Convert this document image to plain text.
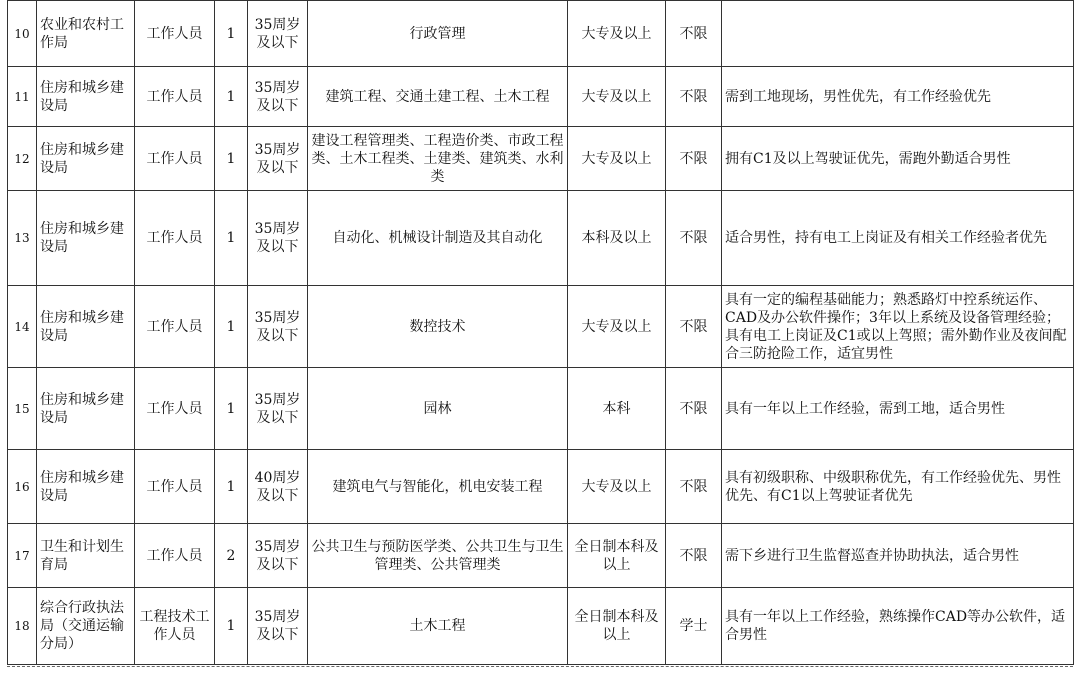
10	农业和农村工作局	工作人员	1	35周岁及以下	行政管理	大专及以上	不限	
11	住房和城乡建设局	工作人员	1	35周岁及以下	建筑工程、交通土建工程、土木工程	大专及以上	不限	需到工地现场，男性优先，有工作经验优先
12	住房和城乡建设局	工作人员	1	35周岁及以下	建设工程管理类、工程造价类、市政工程类、土木工程类、土建类、建筑类、水利类	大专及以上	不限	拥有C1及以上驾驶证优先，需跑外勤适合男性
13	住房和城乡建设局	工作人员	1	35周岁及以下	自动化、机械设计制造及其自动化	本科及以上	不限	适合男性，持有电工上岗证及有相关工作经验者优先
14	住房和城乡建设局	工作人员	1	35周岁及以下	数控技术	大专及以上	不限	具有一定的编程基础能力；熟悉路灯中控系统运作、CAD及办公软件操作；3年以上系统及设备管理经验；具有电工上岗证及C1或以上驾照；需外勤作业及夜间配合三防抢险工作，适宜男性
15	住房和城乡建设局	工作人员	1	35周岁及以下	园林	本科	不限	具有一年以上工作经验，需到工地，适合男性
16	住房和城乡建设局	工作人员	1	40周岁及以下	建筑电气与智能化，机电安装工程	大专及以上	不限	具有初级职称、中级职称优先，有工作经验优先、男性优先、有C1以上驾驶证者优先
17	卫生和计划生育局	工作人员	2	35周岁及以下	公共卫生与预防医学类、公共卫生与卫生管理类、公共管理类	全日制本科及以上	不限	需下乡进行卫生监督巡查并协助执法，适合男性
18	综合行政执法局（交通运输分局）	工程技术工作人员	1	35周岁及以下	土木工程	全日制本科及以上	学士	具有一年以上工作经验，熟练操作CAD等办公软件，适合男性
